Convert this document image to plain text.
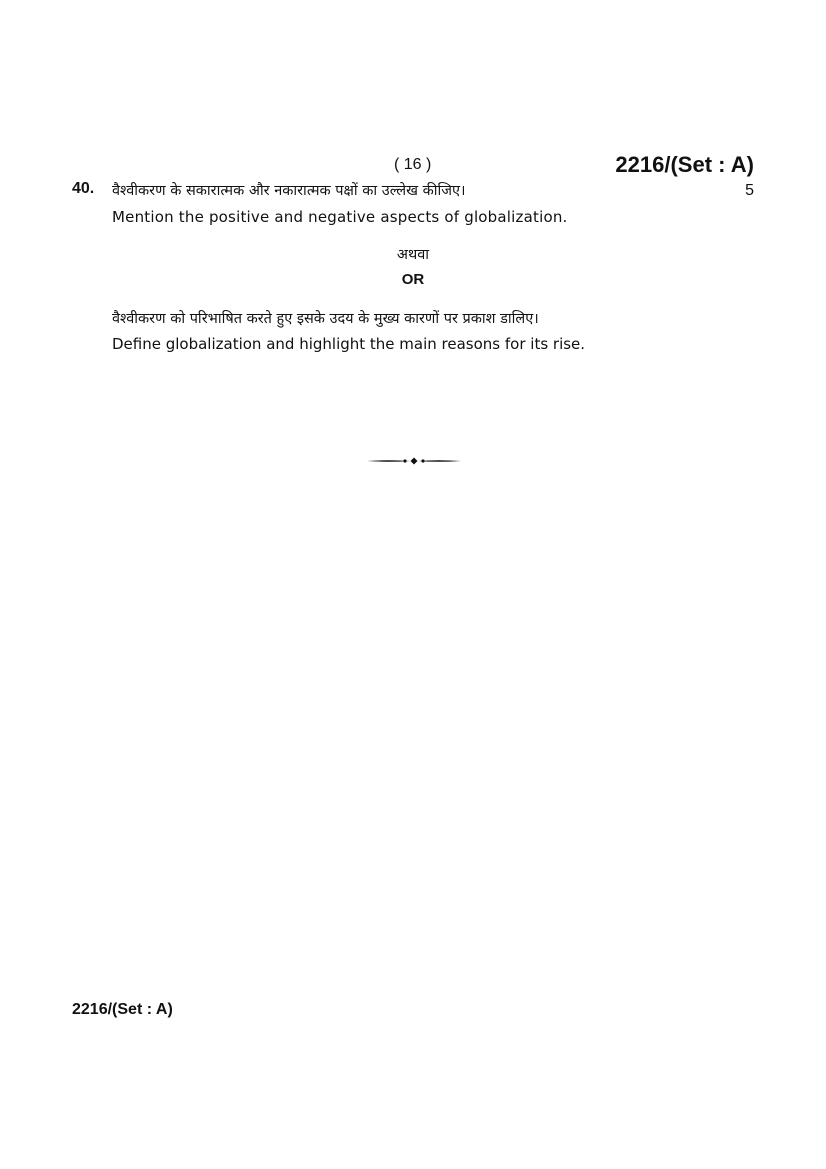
( 16 )	2216/(Set : A)
40. वैश्वीकरण के सकारात्मक और नकारात्मक पक्षों का उल्लेख कीजिए।	5
Mention the positive and negative aspects of globalization.
अथवा
OR
वैश्वीकरण को परिभाषित करते हुए इसके उदय के मुख्य कारणों पर प्रकाश डालिए।
Define globalization and highlight the main reasons for its rise.
2216/(Set : A)
